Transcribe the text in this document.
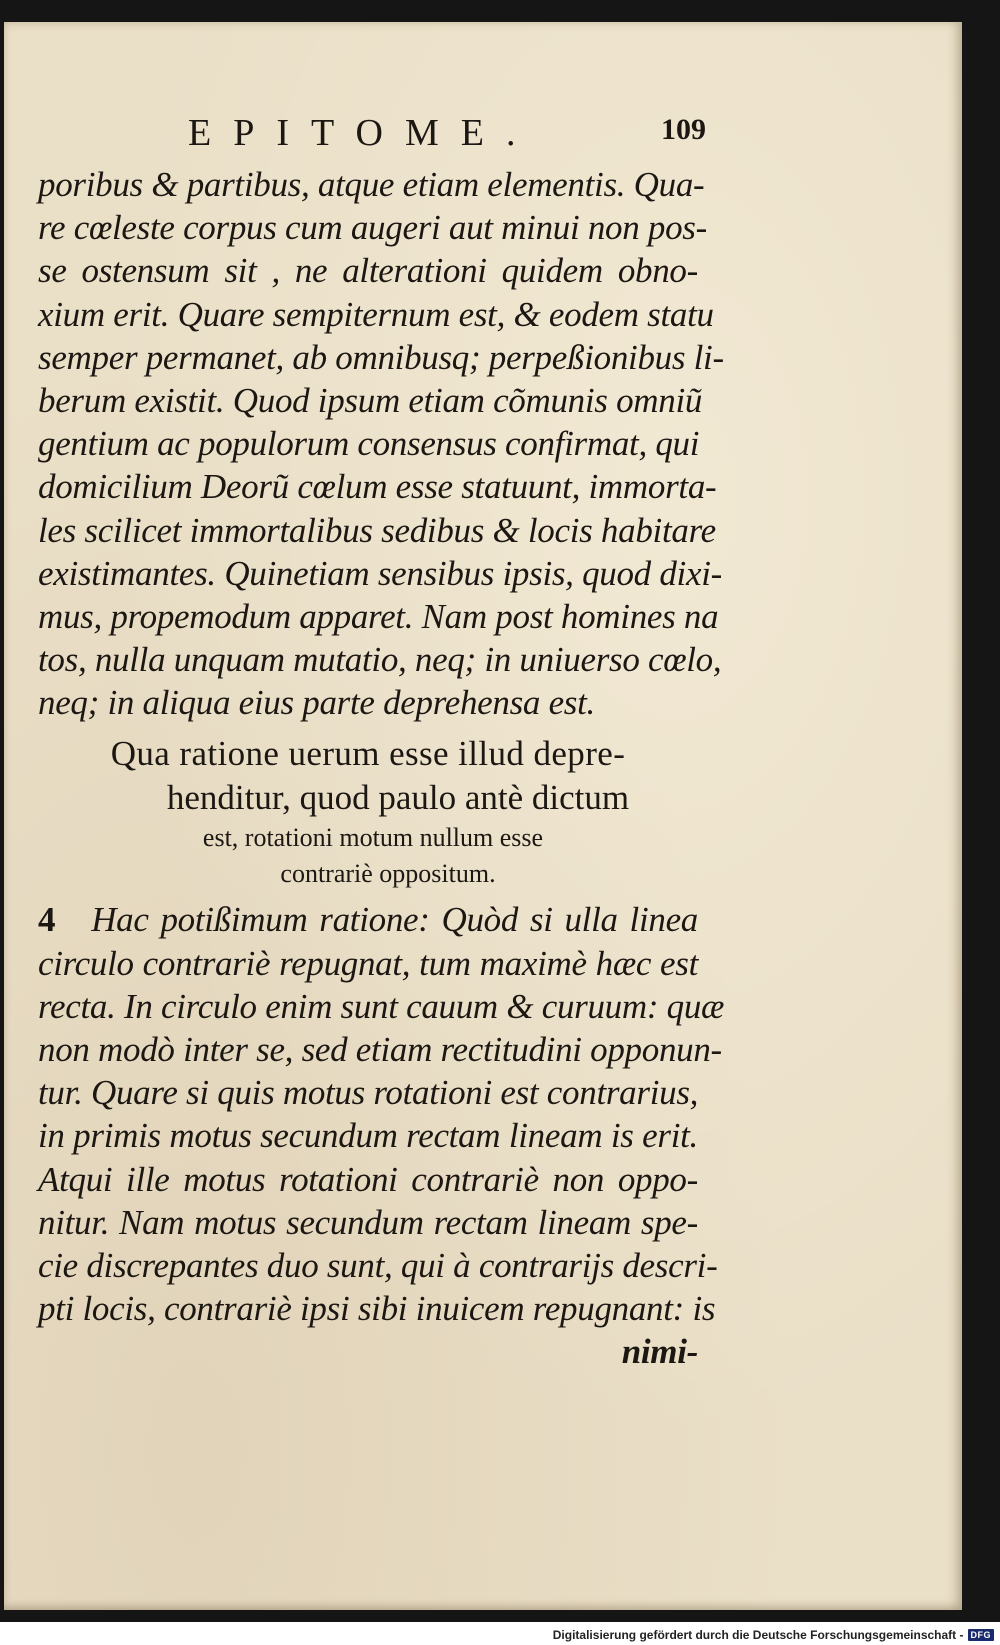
EPITOME.	109
poribus & partibus, atque etiam elementis. Qua-
re cœleste corpus cum augeri aut minui non pos-
se ostensum sit , ne alterationi quidem obno-
xium erit. Quare sempiternum est, & eodem statu
semper permanet, ab omnibusq; perpeßionibus li-
berum existit. Quod ipsum etiam cõmunis omniũ
gentium ac populorum consensus confirmat, qui
domicilium Deorũ cœlum esse statuunt, immorta-
les scilicet immortalibus sedibus & locis habitare
existimantes. Quinetiam sensibus ipsis, quod dixi-
mus, propemodum apparet. Nam post homines na
tos, nulla unquam mutatio, neq; in uniuerso cœlo,
neq; in aliqua eius parte deprehensa est.
Qua ratione uerum esse illud depre-
henditur, quod paulo antè dictum
est, rotationi motum nullum esse
contrariè oppositum.
4 Hac potißimum ratione: Quòd si ulla linea
circulo contrariè repugnat, tum maximè hæc est
recta. In circulo enim sunt cauum & curuum: quæ
non modò inter se, sed etiam rectitudini opponun-
tur. Quare si quis motus rotationi est contrarius,
in primis motus secundum rectam lineam is erit.
Atqui ille motus rotationi contrariè non oppo-
nitur. Nam motus secundum rectam lineam spe-
cie discrepantes duo sunt, qui à contrarijs descri-
pti locis, contrariè ipsi sibi inuicem repugnant: is
nimi-
Digitalisierung gefördert durch die Deutsche Forschungsgemeinschaft - DFG
